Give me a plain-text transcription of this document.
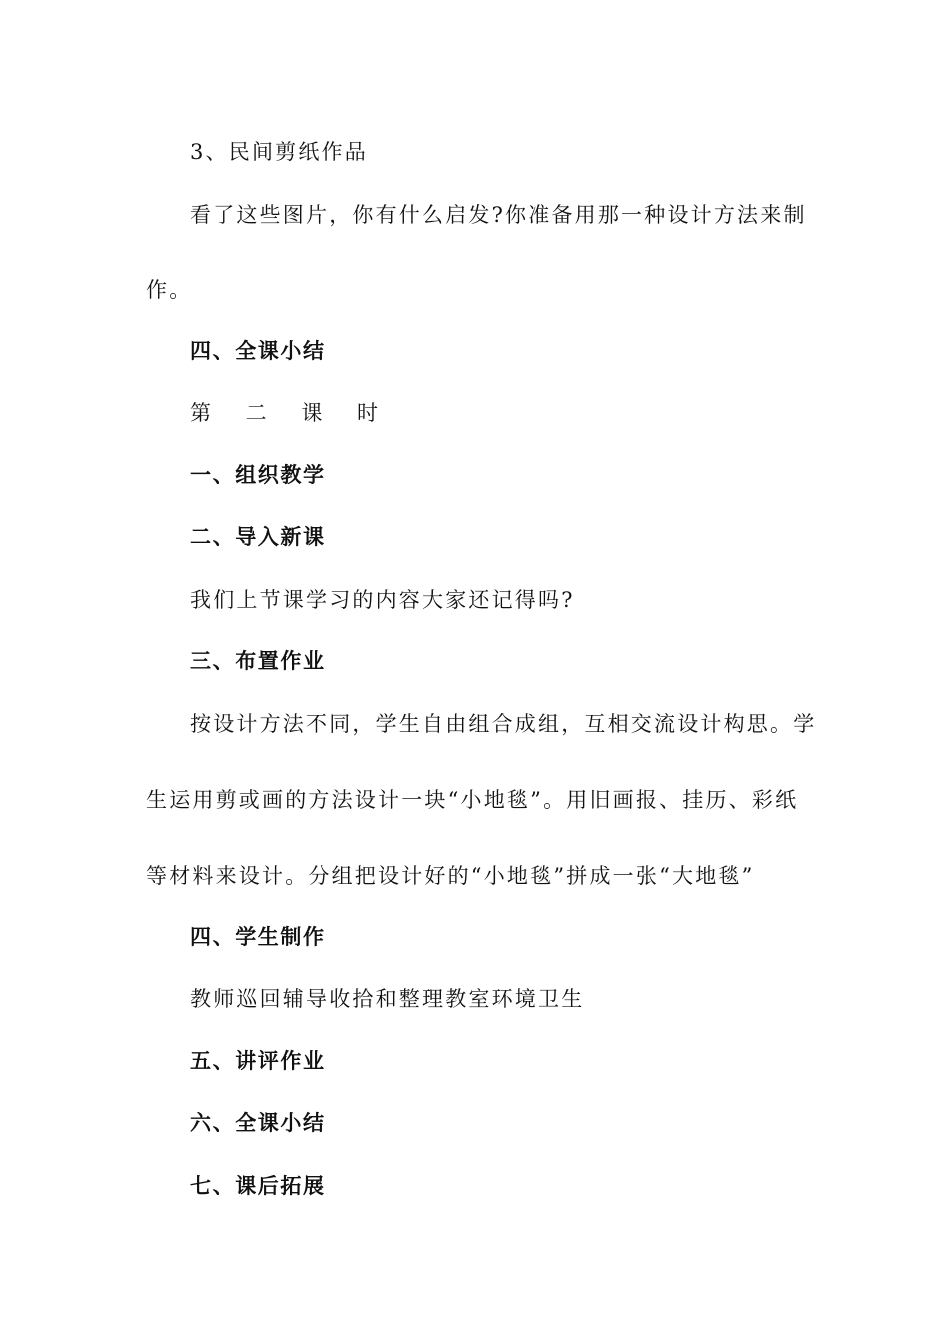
3、民间剪纸作品
看了这些图片，你有什么启发?你准备用那一种设计方法来制
作。
四、全课小结
第 二 课 时
一、组织教学
二、导入新课
我们上节课学习的内容大家还记得吗?
三、布置作业
按设计方法不同，学生自由组合成组，互相交流设计构思。学
生运用剪或画的方法设计一块“小地毯”。用旧画报、挂历、彩纸
等材料来设计。分组把设计好的“小地毯”拼成一张“大地毯”
四、学生制作
教师巡回辅导收拾和整理教室环境卫生
五、讲评作业
六、全课小结
七、课后拓展
